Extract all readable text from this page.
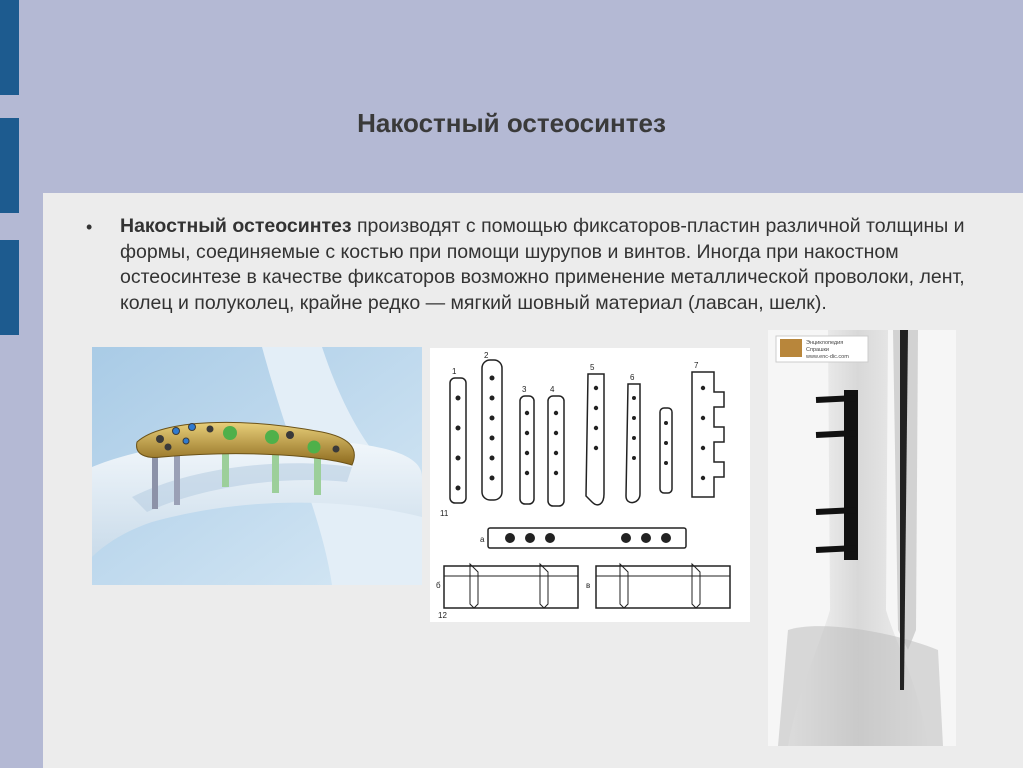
Накостный остеосинтез
• Накостный остеосинтез производят с помощью фиксаторов-пластин различной толщины и формы, соединяемые с костью при помощи шурупов и винтов. Иногда при накостном остеосинтезе в качестве фиксаторов возможно применение металлической проволоки, лент, колец и полуколец, крайне редко — мягкий шовный материал (лавсан, шелк).
1
2
3	4
5
6
7
11
а
б	в
12
Энциклопедия
Спрашки
www.enc-dic.com
